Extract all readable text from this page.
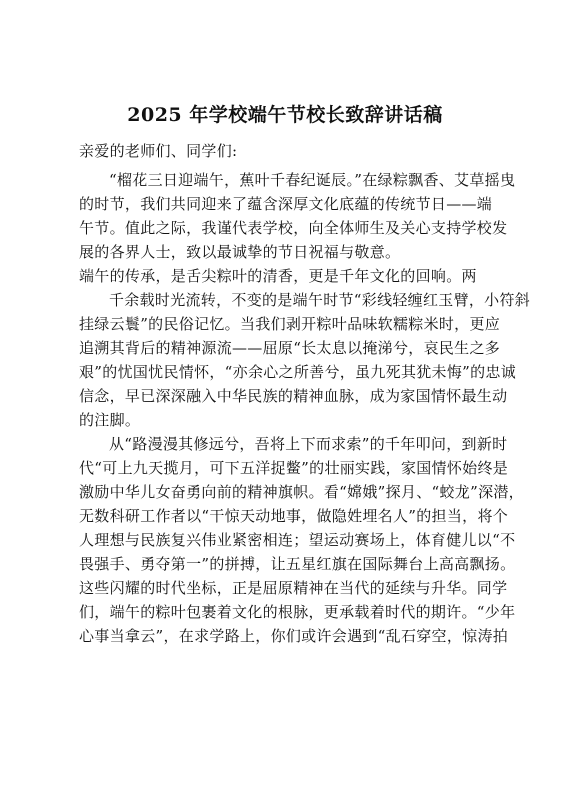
2025 年学校端午节校长致辞讲话稿
亲爱的老师们、同学们:
“榴花三日迎端午，蕉叶千春纪诞辰。”在绿粽飘香、艾草摇曳
的时节，我们共同迎来了蕴含深厚文化底蕴的传统节日——端
午节。值此之际，我谨代表学校，向全体师生及关心支持学校发
展的各界人士，致以最诚挚的节日祝福与敬意。
端午的传承，是舌尖粽叶的清香，更是千年文化的回响。两
千余载时光流转，不变的是端午时节“彩线轻缠红玉臂，小符斜
挂绿云鬟”的民俗记忆。当我们剥开粽叶品味软糯粽米时，更应
追溯其背后的精神源流——屈原“长太息以掩涕兮，哀民生之多
艰”的忧国忧民情怀，“亦余心之所善兮，虽九死其犹未悔”的忠诚
信念，早已深深融入中华民族的精神血脉，成为家国情怀最生动
的注脚。
从“路漫漫其修远兮，吾将上下而求索”的千年叩问，到新时
代“可上九天揽月，可下五洋捉鳖”的壮丽实践，家国情怀始终是
激励中华儿女奋勇向前的精神旗帜。看“嫦娥”探月、“蛟龙”深潜，
无数科研工作者以“干惊天动地事，做隐姓埋名人”的担当，将个
人理想与民族复兴伟业紧密相连；望运动赛场上，体育健儿以“不
畏强手、勇夺第一”的拼搏，让五星红旗在国际舞台上高高飘扬。
这些闪耀的时代坐标，正是屈原精神在当代的延续与升华。同学
们，端午的粽叶包裹着文化的根脉，更承载着时代的期许。“少年
心事当拿云”，在求学路上，你们或许会遇到“乱石穿空，惊涛拍
